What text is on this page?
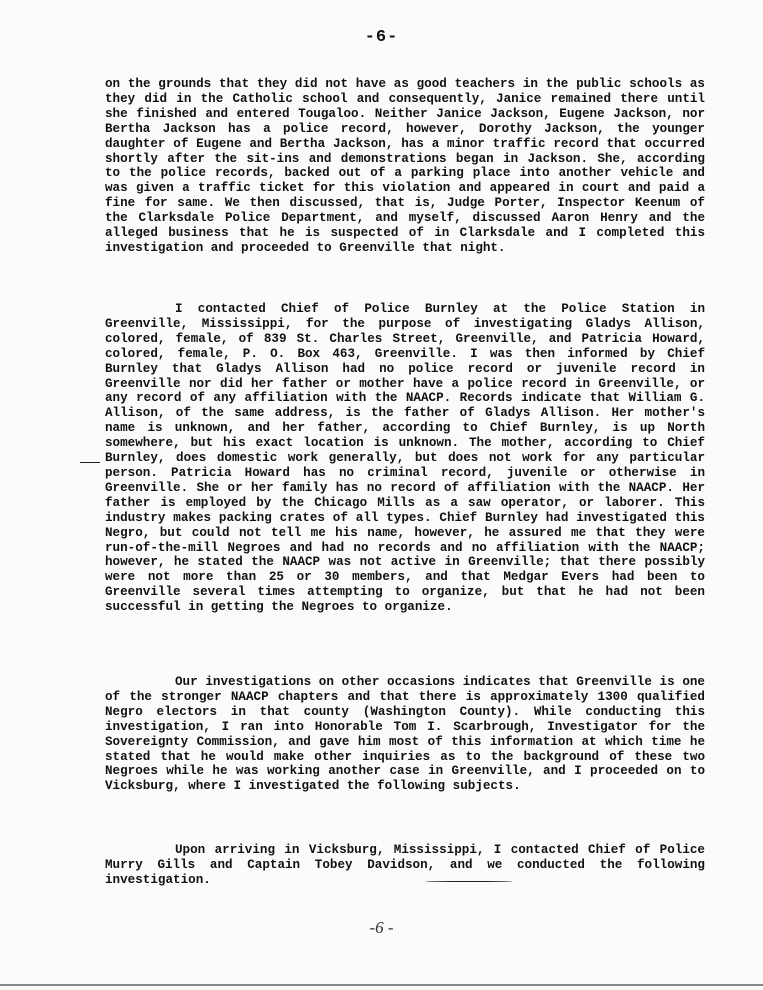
-6-
on the grounds that they did not have as good teachers in the public schools as they did in the Catholic school and consequently, Janice remained there until she finished and entered Tougaloo. Neither Janice Jackson, Eugene Jackson, nor Bertha Jackson has a police record, however, Dorothy Jackson, the younger daughter of Eugene and Bertha Jackson, has a minor traffic record that occurred shortly after the sit-ins and demonstrations began in Jackson. She, according to the police records, backed out of a parking place into another vehicle and was given a traffic ticket for this violation and appeared in court and paid a fine for same. We then discussed, that is, Judge Porter, Inspector Keenum of the Clarksdale Police Department, and myself, discussed Aaron Henry and the alleged business that he is suspected of in Clarksdale and I completed this investigation and proceeded to Greenville that night.
I contacted Chief of Police Burnley at the Police Station in Greenville, Mississippi, for the purpose of investigating Gladys Allison, colored, female, of 839 St. Charles Street, Greenville, and Patricia Howard, colored, female, P. O. Box 463, Greenville. I was then informed by Chief Burnley that Gladys Allison had no police record or juvenile record in Greenville nor did her father or mother have a police record in Greenville, or any record of any affiliation with the NAACP. Records indicate that William G. Allison, of the same address, is the father of Gladys Allison. Her mother's name is unknown, and her father, according to Chief Burnley, is up North somewhere, but his exact location is unknown. The mother, according to Chief Burnley, does domestic work generally, but does not work for any particular person. Patricia Howard has no criminal record, juvenile or otherwise in Greenville. She or her family has no record of affiliation with the NAACP. Her father is employed by the Chicago Mills as a saw operator, or laborer. This industry makes packing crates of all types. Chief Burnley had investigated this Negro, but could not tell me his name, however, he assured me that they were run-of-the-mill Negroes and had no records and no affiliation with the NAACP; however, he stated the NAACP was not active in Greenville; that there possibly were not more than 25 or 30 members, and that Medgar Evers had been to Greenville several times attempting to organize, but that he had not been successful in getting the Negroes to organize.
Our investigations on other occasions indicates that Greenville is one of the stronger NAACP chapters and that there is approximately 1300 qualified Negro electors in that county (Washington County). While conducting this investigation, I ran into Honorable Tom I. Scarbrough, Investigator for the Sovereignty Commission, and gave him most of this information at which time he stated that he would make other inquiries as to the background of these two Negroes while he was working another case in Greenville, and I proceeded on to Vicksburg, where I investigated the following subjects.
Upon arriving in Vicksburg, Mississippi, I contacted Chief of Police Murry Gills and Captain Tobey Davidson, and we conducted the following investigation.
-6 -
